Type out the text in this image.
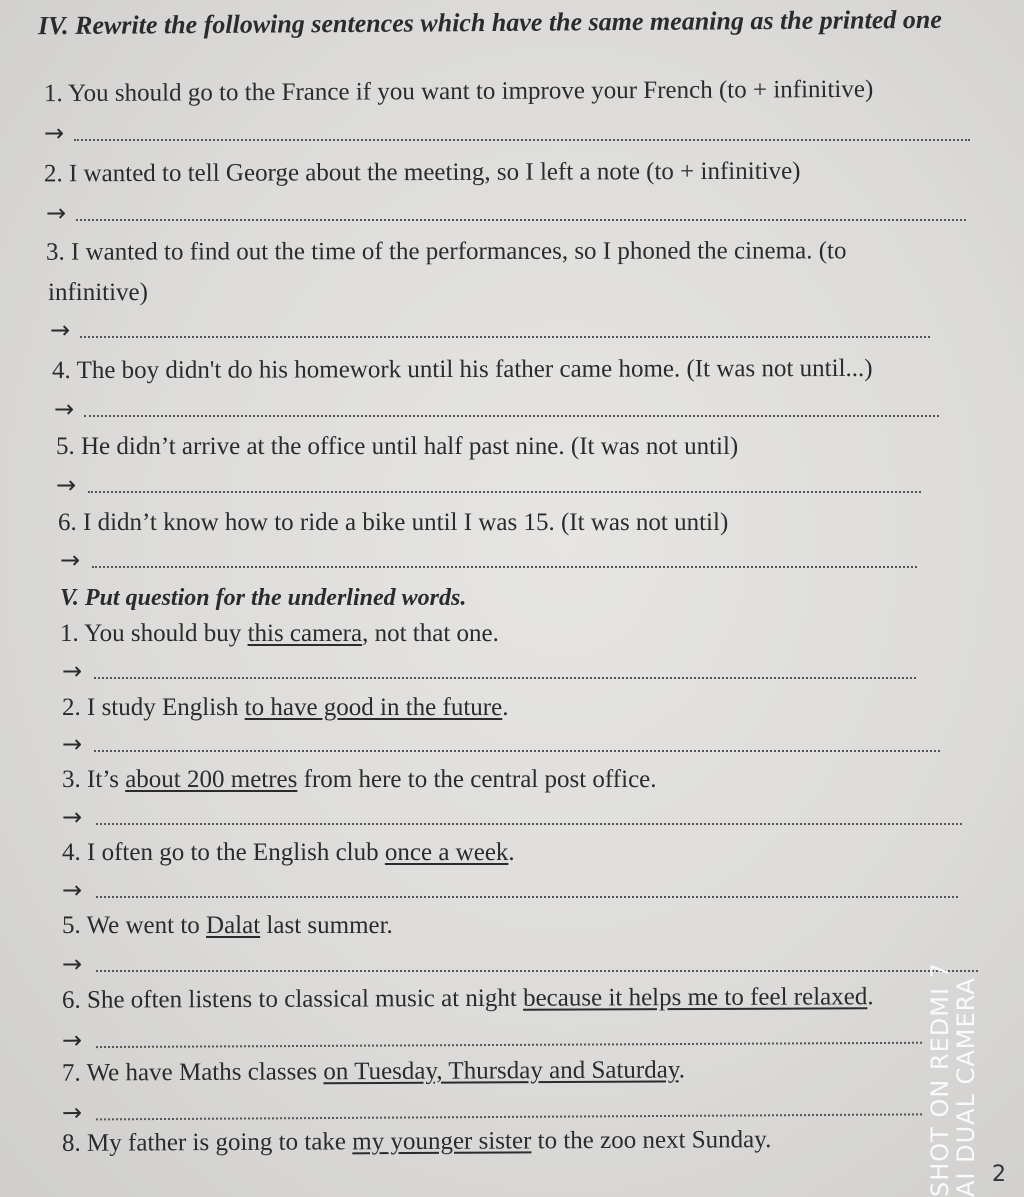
IV. Rewrite the following sentences which have the same meaning as the printed one
1. You should go to the France if you want to improve your French (to + infinitive)
→
2. I wanted to tell George about the meeting, so I left a note (to + infinitive)
→
3. I wanted to find out the time of the performances, so I phoned the cinema. (to
infinitive)
→
4. The boy didn't do his homework until his father came home. (It was not until...)
→
5. He didn’t arrive at the office until half past nine. (It was not until)
→
6. I didn’t know how to ride a bike until I was 15. (It was not until)
→
V. Put question for the underlined words.
1. You should buy this camera, not that one.
→
2. I study English to have good in the future.
→
3. It’s about 200 metres from here to the central post office.
→
4. I often go to the English club once a week.
→
5. We went to Dalat last summer.
→
6. She often listens to classical music at night because it helps me to feel relaxed.
→
7. We have Maths classes on Tuesday, Thursday and Saturday.
→
8. My father is going to take my younger sister to the zoo next Sunday.	SHOT ON REDMI 7
AI DUAL CAMERA 2
